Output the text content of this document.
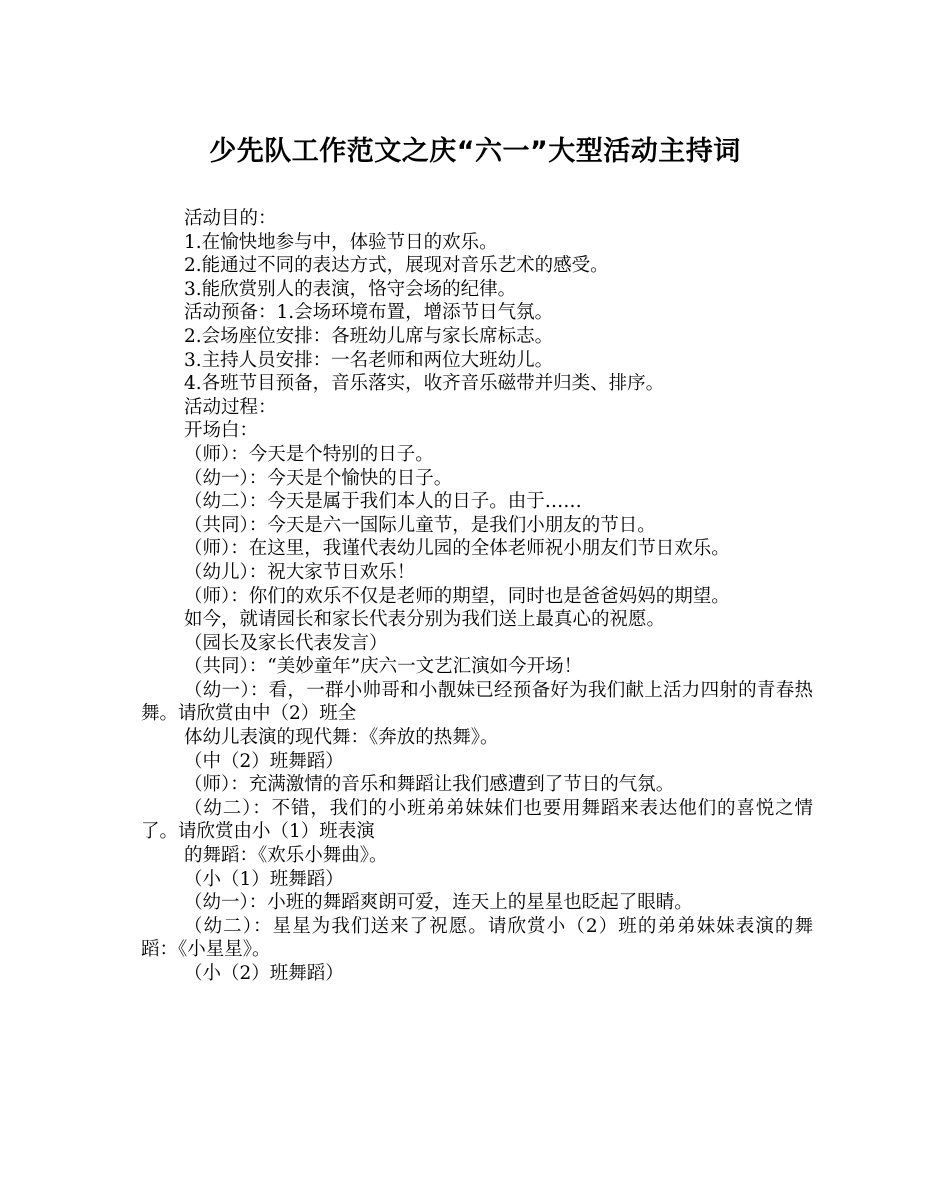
少先队工作范文之庆“六一”大型活动主持词

活动目的：

1.在愉快地参与中，体验节日的欢乐。

2.能通过不同的表达方式，展现对音乐艺术的感受。

3.能欣赏别人的表演，恪守会场的纪律。

活动预备：1.会场环境布置，增添节日气氛。

2.会场座位安排：各班幼儿席与家长席标志。

3.主持人员安排：一名老师和两位大班幼儿。

4.各班节目预备，音乐落实，收齐音乐磁带并归类、排序。

活动过程：

开场白：

（师）：今天是个特别的日子。

（幼一）：今天是个愉快的日子。

（幼二）：今天是属于我们本人的日子。由于……

（共同）：今天是六一国际儿童节，是我们小朋友的节日。

（师）：在这里，我谨代表幼儿园的全体老师祝小朋友们节日欢乐。

（幼儿）：祝大家节日欢乐！

（师）：你们的欢乐不仅是老师的期望，同时也是爸爸妈妈的期望。

如今，就请园长和家长代表分别为我们送上最真心的祝愿。

（园长及家长代表发言）

（共同）：“美妙童年”庆六一文艺汇演如今开场！

（幼一）：看，一群小帅哥和小靓妹已经预备好为我们献上活力四射的青春热舞。请欣赏由中（2）班全

体幼儿表演的现代舞：《奔放的热舞》。

（中（2）班舞蹈）

（师）：充满激情的音乐和舞蹈让我们感遭到了节日的气氛。

（幼二）：不错，我们的小班弟弟妹妹们也要用舞蹈来表达他们的喜悦之情了。请欣赏由小（1）班表演

的舞蹈：《欢乐小舞曲》。

（小（1）班舞蹈）

（幼一）：小班的舞蹈爽朗可爱，连天上的星星也眨起了眼睛。

（幼二）：星星为我们送来了祝愿。请欣赏小（2）班的弟弟妹妹表演的舞蹈：《小星星》。

（小（2）班舞蹈）
